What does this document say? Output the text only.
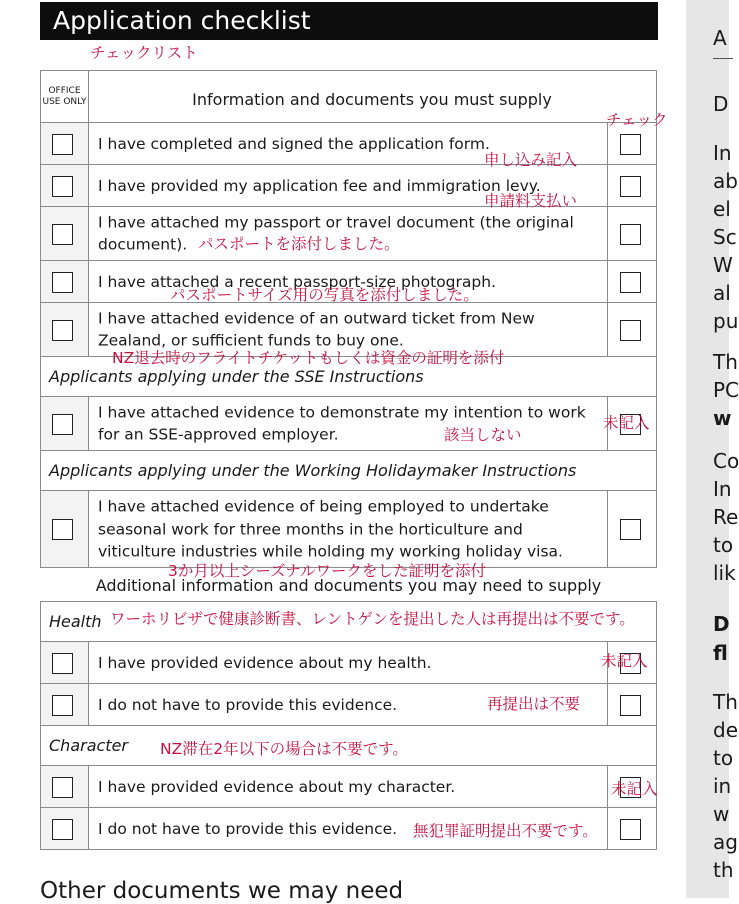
Application checklist
チェックリスト
OFFICE USE ONLY	Information and documents you must supply
I have completed and signed the application form.
I have provided my application fee and immigration levy.
I have attached my passport or travel document (the original document).
I have attached a recent passport-size photograph.
I have attached evidence of an outward ticket from New Zealand, or sufficient funds to buy one.
Applicants applying under the SSE Instructions
I have attached evidence to demonstrate my intention to work for an SSE-approved employer.
Applicants applying under the Working Holidaymaker Instructions
I have attached evidence of being employed to undertake seasonal work for three months in the horticulture and viticulture industries while holding my working holiday visa.
Additional information and documents you may need to supply
Health
I have provided evidence about my health.
I do not have to provide this evidence.
Character
I have provided evidence about my character.
I do not have to provide this evidence.
Other documents we may need
チェック
申し込み記入
申請料支払い
パスポートを添付しました。
パスポートサイズ用の写真を添付しました。
NZ退去時のフライトチケットもしくは資金の証明を添付
該当しない
未記入
3か月以上シーズナルワークをした証明を添付
ワーホリビザで健康診断書、レントゲンを提出した人は再提出は不要です。
未記入
再提出は不要
NZ滞在2年以下の場合は不要です。
未記入
無犯罪証明提出不要です。
A
D
In
ab
el
Sc
W
al
pu
Th
PC
w
Co
In
Re
to
lik
D
fl
Th
de
to
in
w
ag
th
